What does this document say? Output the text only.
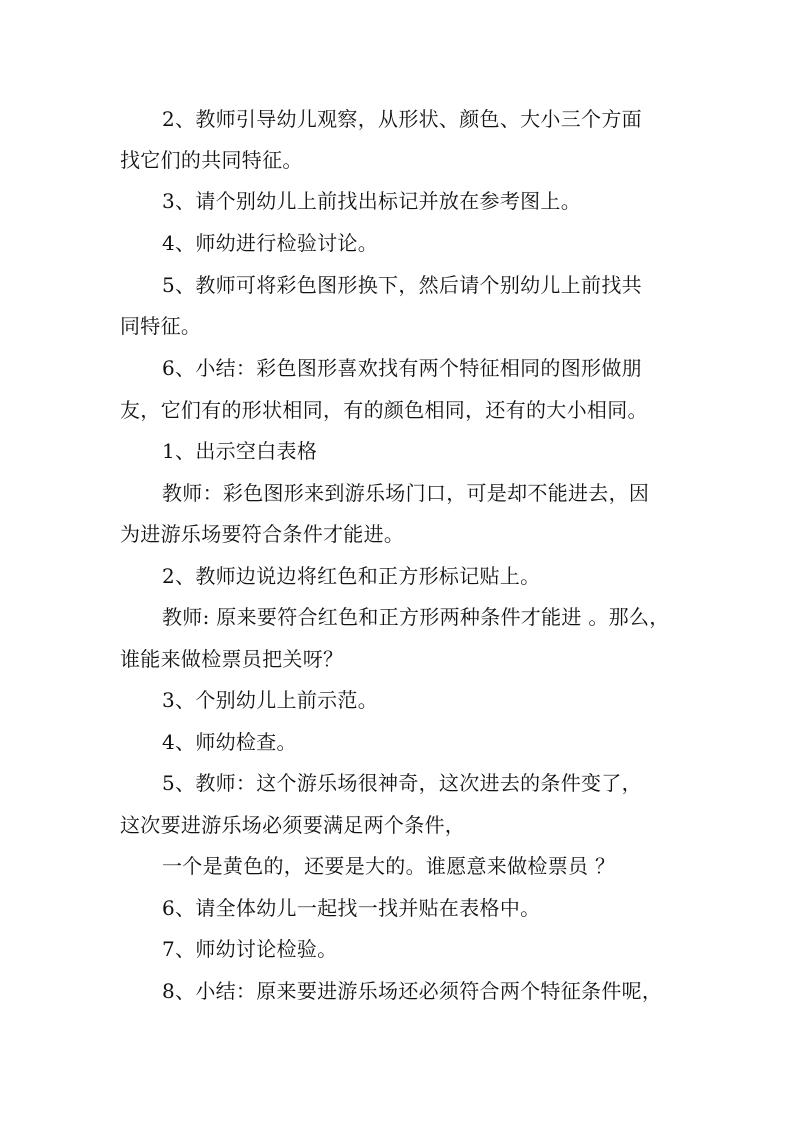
2、教师引导幼儿观察，从形状、颜色、大小三个方面
找它们的共同特征。
3、请个别幼儿上前找出标记并放在参考图上。
4、师幼进行检验讨论。
5、教师可将彩色图形换下，然后请个别幼儿上前找共
同特征。
6、小结：彩色图形喜欢找有两个特征相同的图形做朋
友，它们有的形状相同，有的颜色相同，还有的大小相同。
1、出示空白表格
教师：彩色图形来到游乐场门口，可是却不能进去，因
为进游乐场要符合条件才能进。
2、教师边说边将红色和正方形标记贴上。
教师: 原来要符合红色和正方形两种条件才能进 。那么，
谁能来做检票员把关呀？
3、个别幼儿上前示范。
4、师幼检查。
5、教师：这个游乐场很神奇，这次进去的条件变了，
这次要进游乐场必须要满足两个条件，
一个是黄色的，还要是大的。谁愿意来做检票员 ？
6、请全体幼儿一起找一找并贴在表格中。
7、师幼讨论检验。
8、小结：原来要进游乐场还必须符合两个特征条件呢，
